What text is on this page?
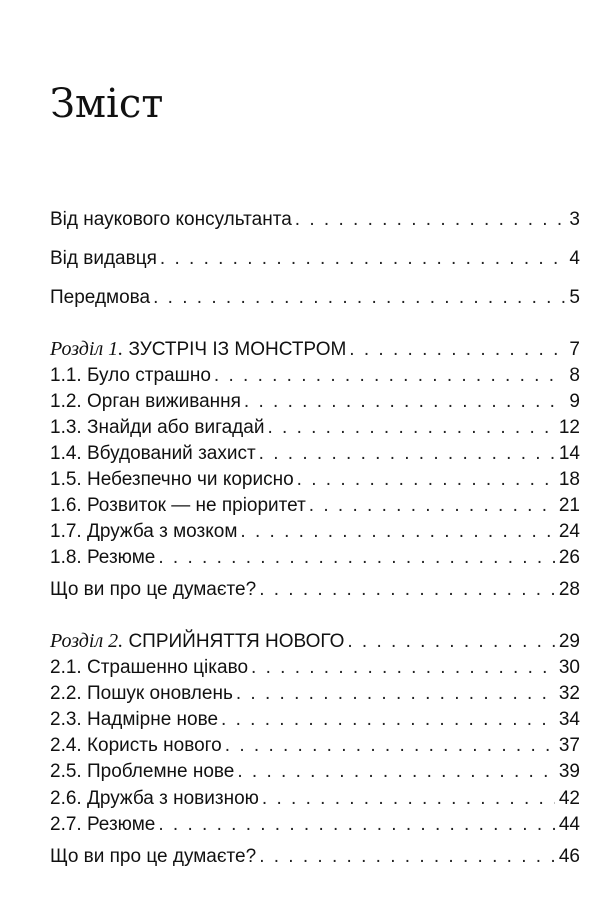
Зміст
Від наукового консультанта . . .	3
Від видавця . . .	4
Передмова . . .	5
Розділ 1. ЗУСТРІЧ ІЗ МОНСТРОМ . . .	7
1.1. Було страшно . . .	8
1.2. Орган виживання . . .	9
1.3. Знайди або вигадай . . .	12
1.4. Вбудований захист . . .	14
1.5. Небезпечно чи корисно . . .	18
1.6. Розвиток — не пріоритет . . .	21
1.7. Дружба з мозком . . .	24
1.8. Резюме . . .	26
Що ви про це думаєте? . . .	28
Розділ 2. СПРИЙНЯТТЯ НОВОГО . . .	29
2.1. Страшенно цікаво . . .	30
2.2. Пошук оновлень . . .	32
2.3. Надмірне нове . . .	34
2.4. Користь нового . . .	37
2.5. Проблемне нове . . .	39
2.6. Дружба з новизною . . .	42
2.7. Резюме . . .	44
Що ви про це думаєте? . . .	46
